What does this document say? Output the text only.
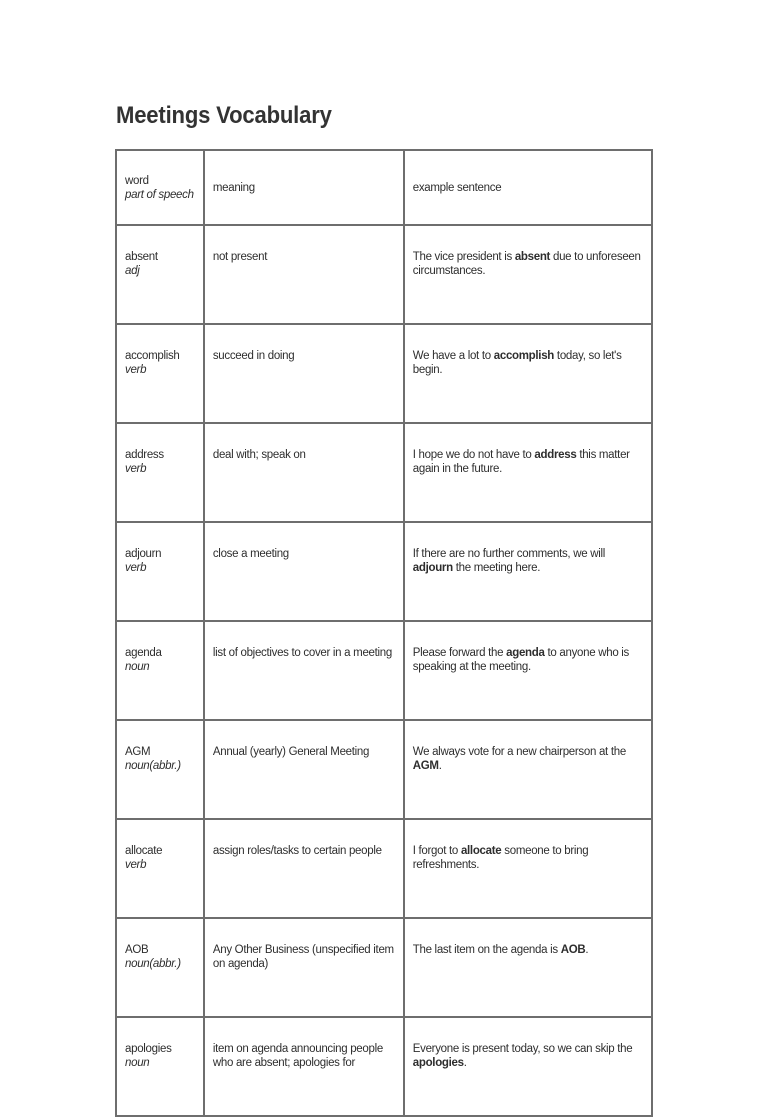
Meetings Vocabulary
word
part of speech	meaning	example sentence

absent
adj	not present	The vice president is absent due to unforeseen circumstances.

accomplish
verb	succeed in doing	We have a lot to accomplish today, so let's begin.

address
verb	deal with; speak on	I hope we do not have to address this matter again in the future.

adjourn
verb	close a meeting	If there are no further comments, we will adjourn the meeting here.

agenda
noun	list of objectives to cover in a meeting	Please forward the agenda to anyone who is speaking at the meeting.

AGM
noun(abbr.)	Annual (yearly) General Meeting	We always vote for a new chairperson at the AGM.

allocate
verb	assign roles/tasks to certain people	I forgot to allocate someone to bring refreshments.

AOB
noun(abbr.)	Any Other Business (unspecified item on agenda)	The last item on the agenda is AOB.

apologies
noun	item on agenda announcing people who are absent; apologies for	Everyone is present today, so we can skip the apologies.
